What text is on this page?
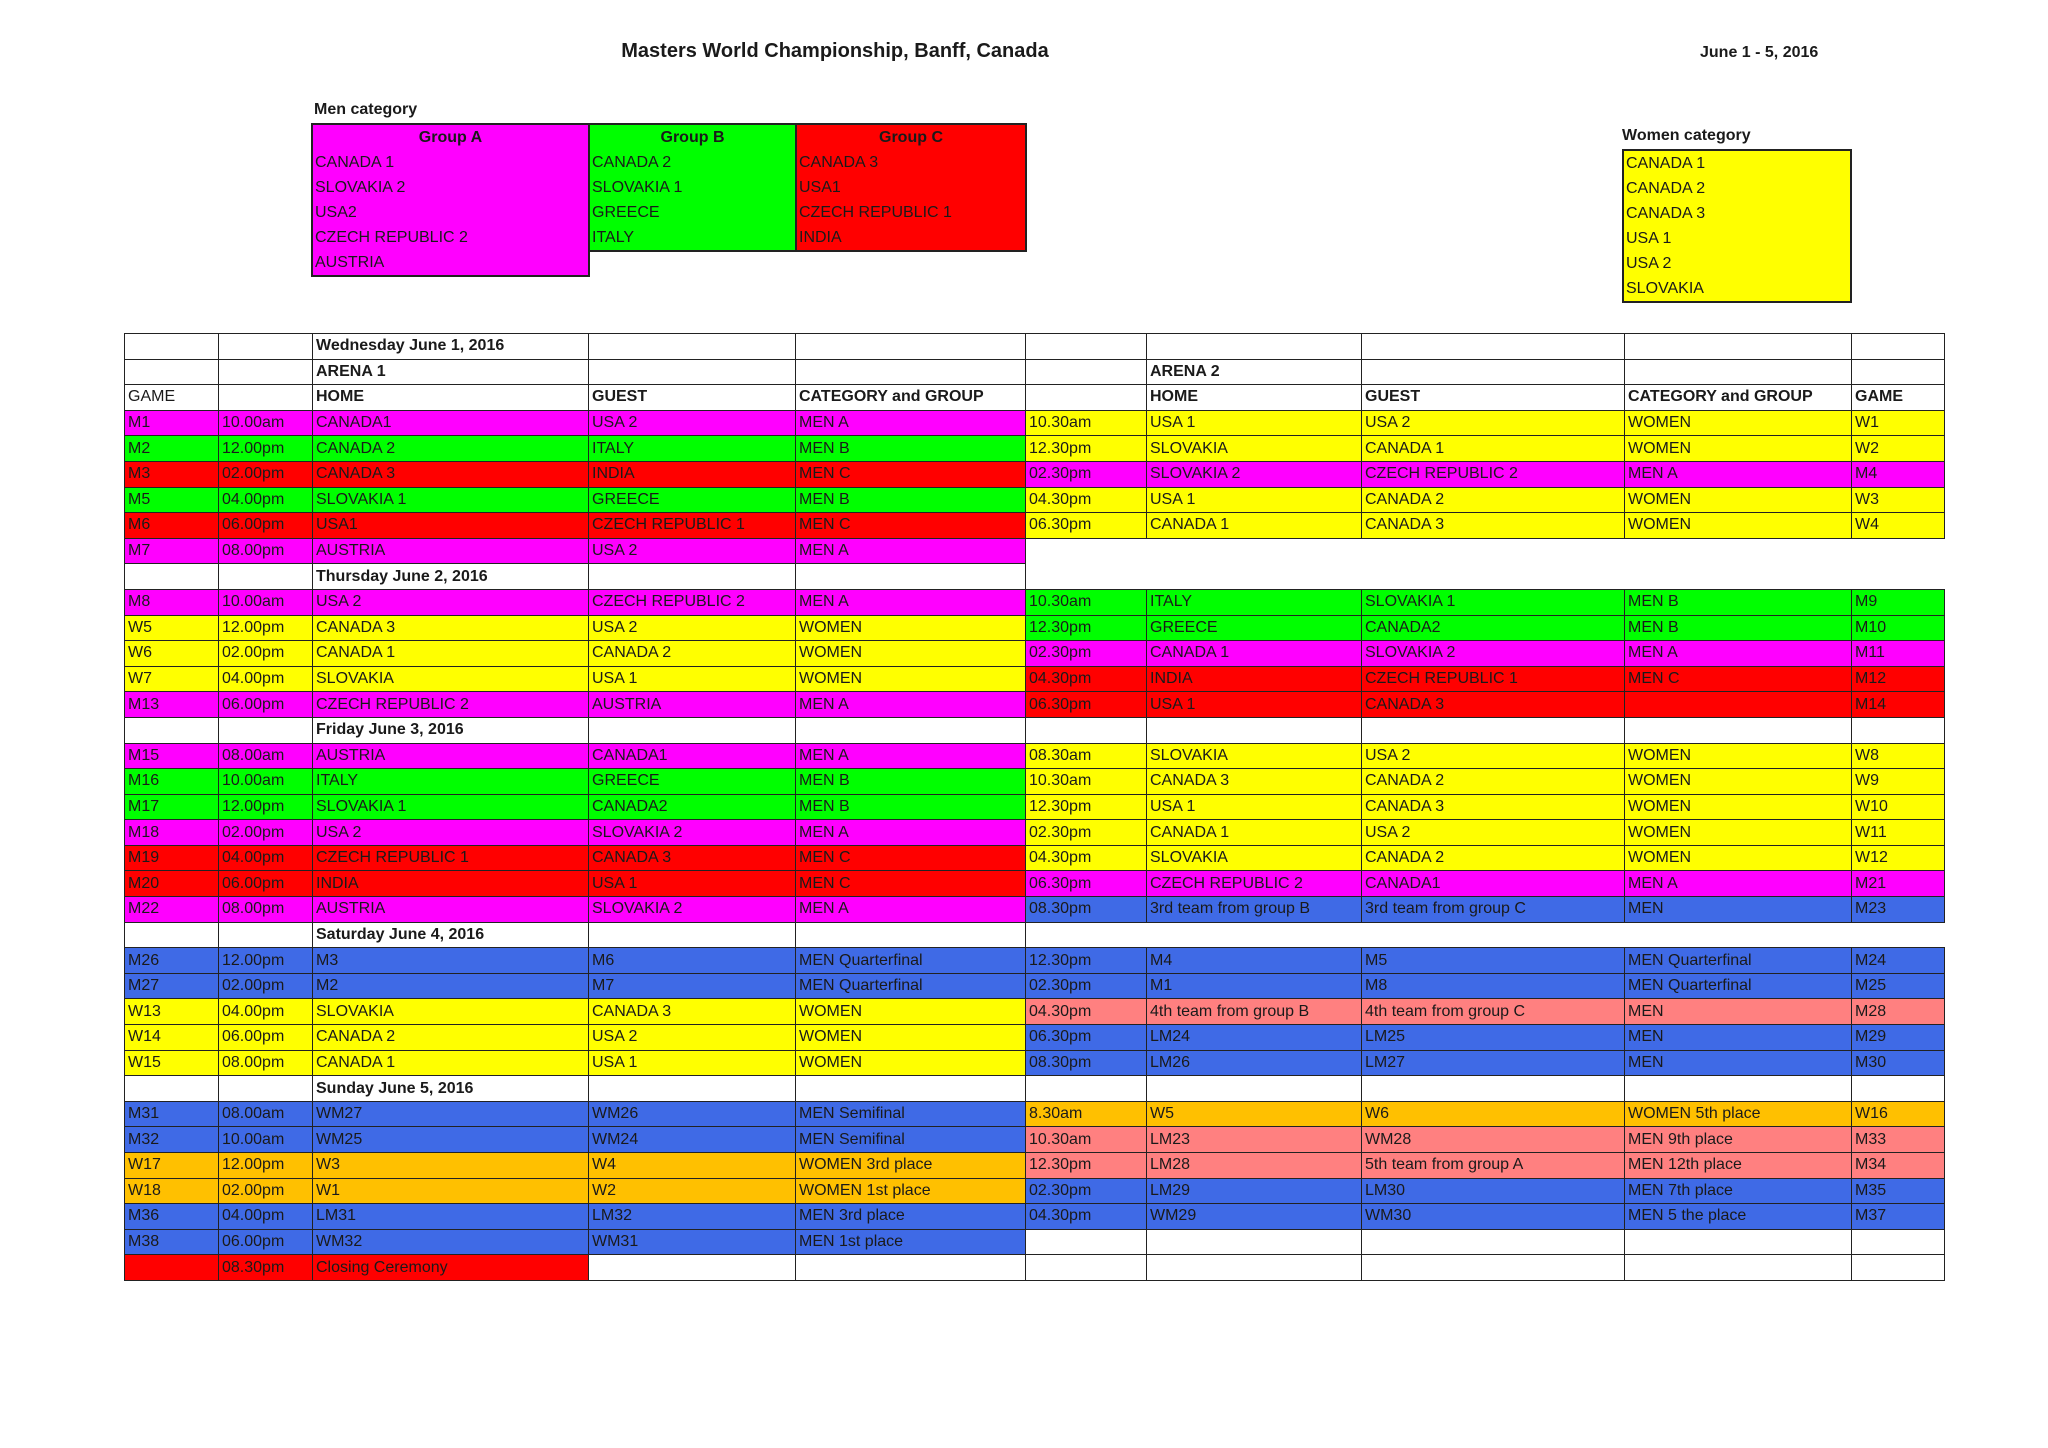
Masters World Championship, Banff, Canada	June 1 - 5, 2016
Men category
Women category
Group A
CANADA 1
SLOVAKIA 2
USA2
CZECH REPUBLIC 2
AUSTRIA
Group B
CANADA 2
SLOVAKIA 1
GREECE
ITALY
Group C
CANADA 3
USA1
CZECH REPUBLIC 1
INDIA
CANADA 1
CANADA 2
CANADA 3
USA 1
USA 2
SLOVAKIA
		Wednesday June 1, 2016							
		ARENA 1				ARENA 2			
GAME		HOME	GUEST	CATEGORY and GROUP		HOME	GUEST	CATEGORY and GROUP	GAME
M1	10.00am	CANADA1	USA 2	MEN A	10.30am	USA 1	USA 2	WOMEN	W1
M2	12.00pm	CANADA 2	ITALY	MEN B	12.30pm	SLOVAKIA	CANADA 1	WOMEN	W2
M3	02.00pm	CANADA 3	INDIA	MEN C	02.30pm	SLOVAKIA 2	CZECH REPUBLIC 2	MEN A	M4
M5	04.00pm	SLOVAKIA 1	GREECE	MEN B	04.30pm	USA 1	CANADA 2	WOMEN	W3
M6	06.00pm	USA1	CZECH REPUBLIC 1	MEN C	06.30pm	CANADA 1	CANADA 3	WOMEN	W4
M7	08.00pm	AUSTRIA	USA 2	MEN A					
		Thursday June 2, 2016							
M8	10.00am	USA 2	CZECH REPUBLIC 2	MEN A	10.30am	ITALY	SLOVAKIA 1	MEN B	M9
W5	12.00pm	CANADA 3	USA 2	WOMEN	12.30pm	GREECE	CANADA2	MEN B	M10
W6	02.00pm	CANADA 1	CANADA 2	WOMEN	02.30pm	CANADA 1	SLOVAKIA 2	MEN A	M11
W7	04.00pm	SLOVAKIA	USA 1	WOMEN	04.30pm	INDIA	CZECH REPUBLIC 1	MEN C	M12
M13	06.00pm	CZECH REPUBLIC 2	AUSTRIA	MEN A	06.30pm	USA 1	CANADA 3		M14
		Friday June 3, 2016							
M15	08.00am	AUSTRIA	CANADA1	MEN A	08.30am	SLOVAKIA	USA 2	WOMEN	W8
M16	10.00am	ITALY	GREECE	MEN B	10.30am	CANADA 3	CANADA 2	WOMEN	W9
M17	12.00pm	SLOVAKIA 1	CANADA2	MEN B	12.30pm	USA 1	CANADA 3	WOMEN	W10
M18	02.00pm	USA 2	SLOVAKIA 2	MEN A	02.30pm	CANADA 1	USA 2	WOMEN	W11
M19	04.00pm	CZECH REPUBLIC 1	CANADA 3	MEN C	04.30pm	SLOVAKIA	CANADA 2	WOMEN	W12
M20	06.00pm	INDIA	USA 1	MEN C	06.30pm	CZECH REPUBLIC 2	CANADA1	MEN A	M21
M22	08.00pm	AUSTRIA	SLOVAKIA 2	MEN A	08.30pm	3rd team from group B	3rd team from group C	MEN	M23
		Saturday June 4, 2016							
M26	12.00pm	M3	M6	MEN Quarterfinal	12.30pm	M4	M5	MEN Quarterfinal	M24
M27	02.00pm	M2	M7	MEN Quarterfinal	02.30pm	M1	M8	MEN Quarterfinal	M25
W13	04.00pm	SLOVAKIA	CANADA 3	WOMEN	04.30pm	4th team from group B	4th team from group C	MEN	M28
W14	06.00pm	CANADA 2	USA 2	WOMEN	06.30pm	LM24	LM25	MEN	M29
W15	08.00pm	CANADA 1	USA 1	WOMEN	08.30pm	LM26	LM27	MEN	M30
		Sunday June 5, 2016							
M31	08.00am	WM27	WM26	MEN Semifinal	8.30am	W5	W6	WOMEN 5th place	W16
M32	10.00am	WM25	WM24	MEN Semifinal	10.30am	LM23	WM28	MEN 9th place	M33
W17	12.00pm	W3	W4	WOMEN 3rd place	12.30pm	LM28	5th team from group A	MEN 12th place	M34
W18	02.00pm	W1	W2	WOMEN 1st place	02.30pm	LM29	LM30	MEN 7th place	M35
M36	04.00pm	LM31	LM32	MEN 3rd place	04.30pm	WM29	WM30	MEN 5 the place	M37
M38	06.00pm	WM32	WM31	MEN 1st place					
	08.30pm	Closing Ceremony							
